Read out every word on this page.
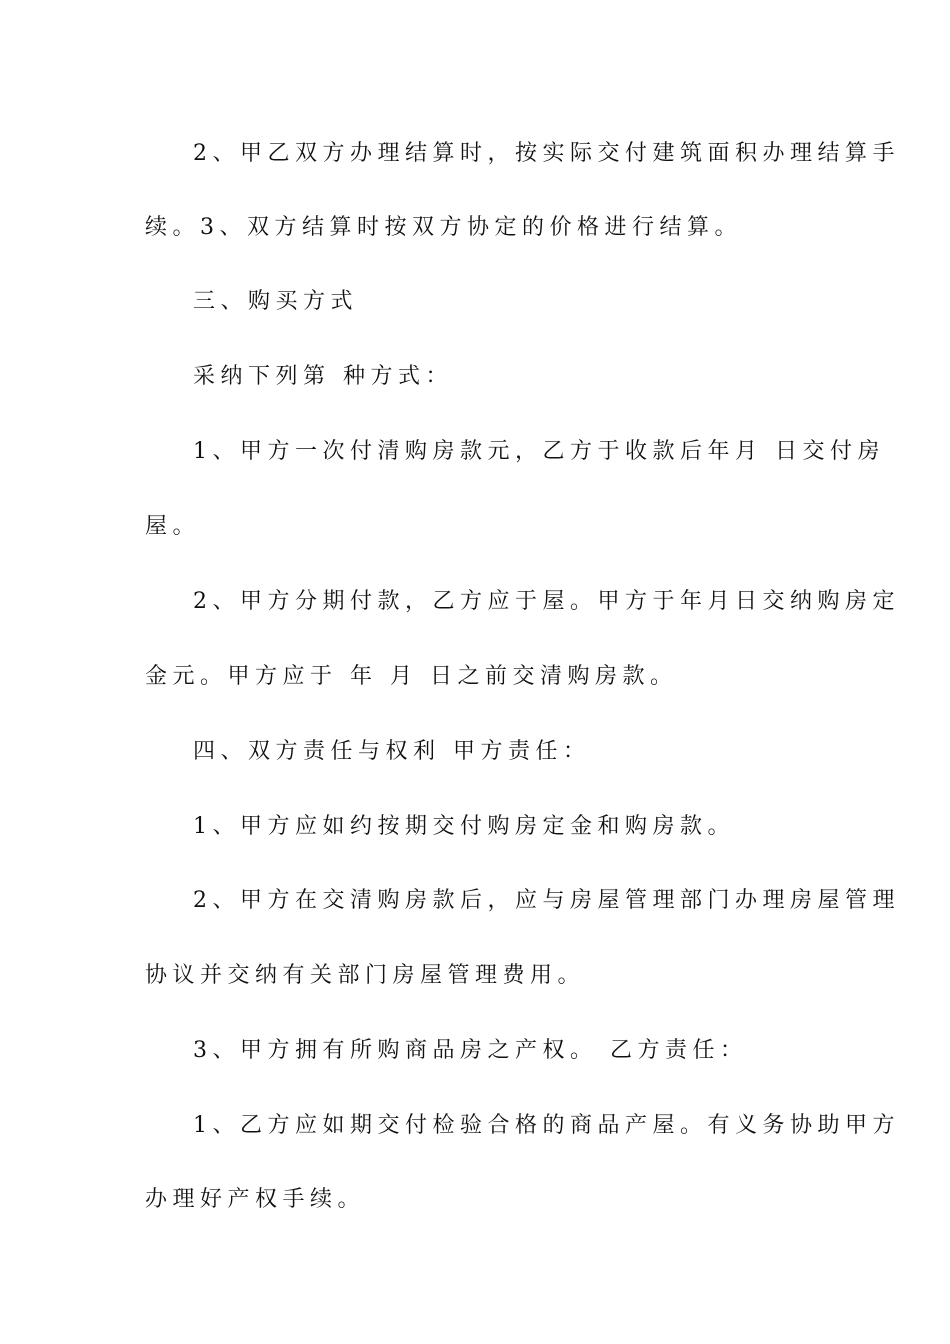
2、甲乙双方办理结算时，按实际交付建筑面积办理结算手

续。3、双方结算时按双方协定的价格进行结算。

三、购买方式

采纳下列第 种方式：

1、甲方一次付清购房款元，乙方于收款后年月 日交付房

屋。

2、甲方分期付款，乙方应于屋。甲方于年月日交纳购房定

金元。甲方应于 年 月 日之前交清购房款。

四、双方责任与权利 甲方责任：

1、甲方应如约按期交付购房定金和购房款。

2、甲方在交清购房款后，应与房屋管理部门办理房屋管理

协议并交纳有关部门房屋管理费用。

3、甲方拥有所购商品房之产权。 乙方责任：

1、乙方应如期交付检验合格的商品产屋。有义务协助甲方

办理好产权手续。
